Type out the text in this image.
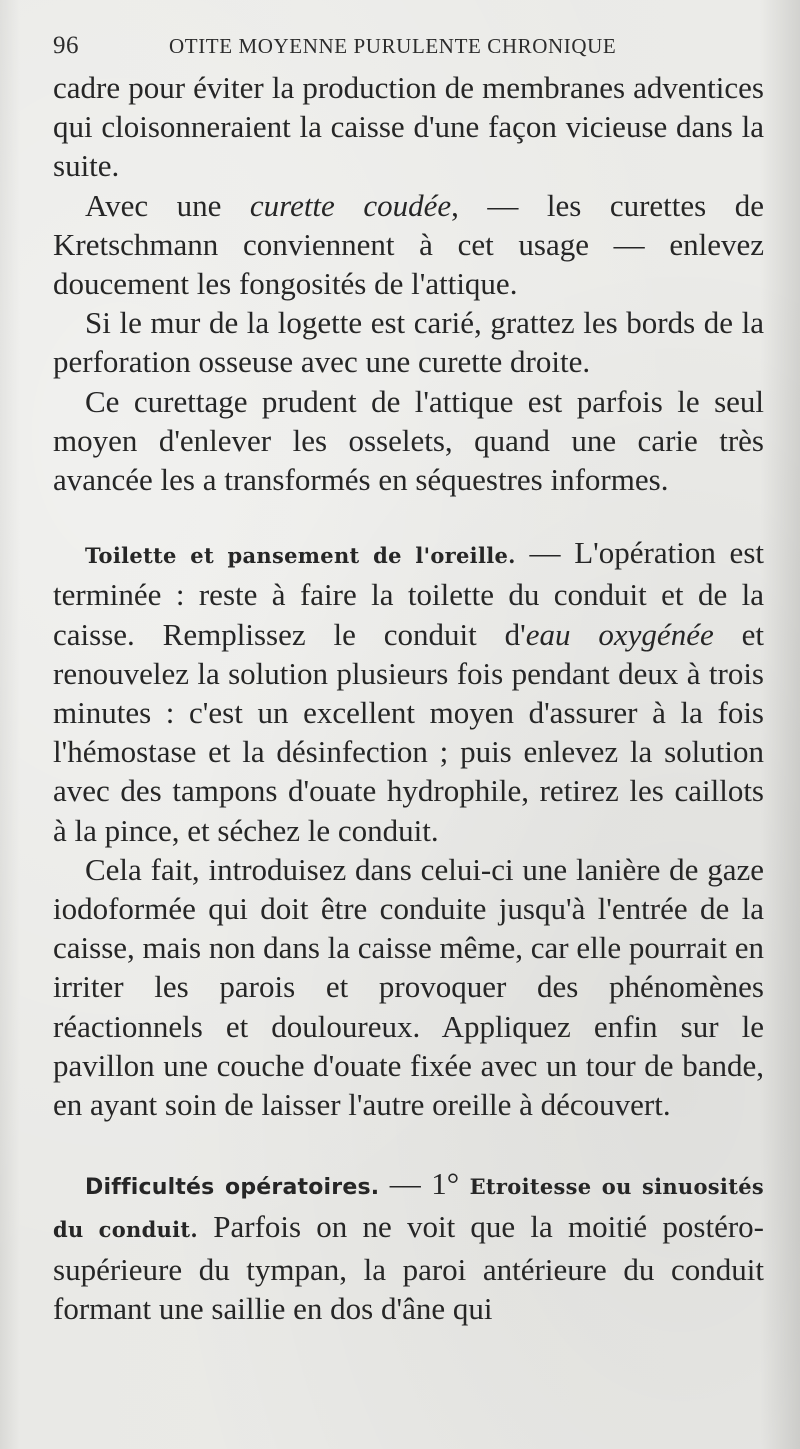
96	OTITE MOYENNE PURULENTE CHRONIQUE

cadre pour éviter la production de membranes adventices qui cloisonneraient la caisse d'une façon vicieuse dans la suite.

Avec une curette coudée, — les curettes de Kretschmann conviennent à cet usage — enlevez doucement les fongosités de l'attique.

Si le mur de la logette est carié, grattez les bords de la perforation osseuse avec une curette droite.

Ce curettage prudent de l'attique est parfois le seul moyen d'enlever les osselets, quand une carie très avancée les a transformés en séquestres informes.

Toilette et pansement de l'oreille. — L'opération est terminée : reste à faire la toilette du conduit et de la caisse. Remplissez le conduit d'eau oxygénée et renouvelez la solution plusieurs fois pendant deux à trois minutes : c'est un excellent moyen d'assurer à la fois l'hémostase et la désinfection ; puis enlevez la solution avec des tampons d'ouate hydrophile, retirez les caillots à la pince, et séchez le conduit.

Cela fait, introduisez dans celui-ci une lanière de gaze iodoformée qui doit être conduite jusqu'à l'entrée de la caisse, mais non dans la caisse même, car elle pourrait en irriter les parois et provoquer des phénomènes réactionnels et douloureux. Appliquez enfin sur le pavillon une couche d'ouate fixée avec un tour de bande, en ayant soin de laisser l'autre oreille à découvert.

Difficultés opératoires. — 1° Etroitesse ou sinuosités du conduit. Parfois on ne voit que la moitié postéro-supérieure du tympan, la paroi antérieure du conduit formant une saillie en dos d'âne qui
